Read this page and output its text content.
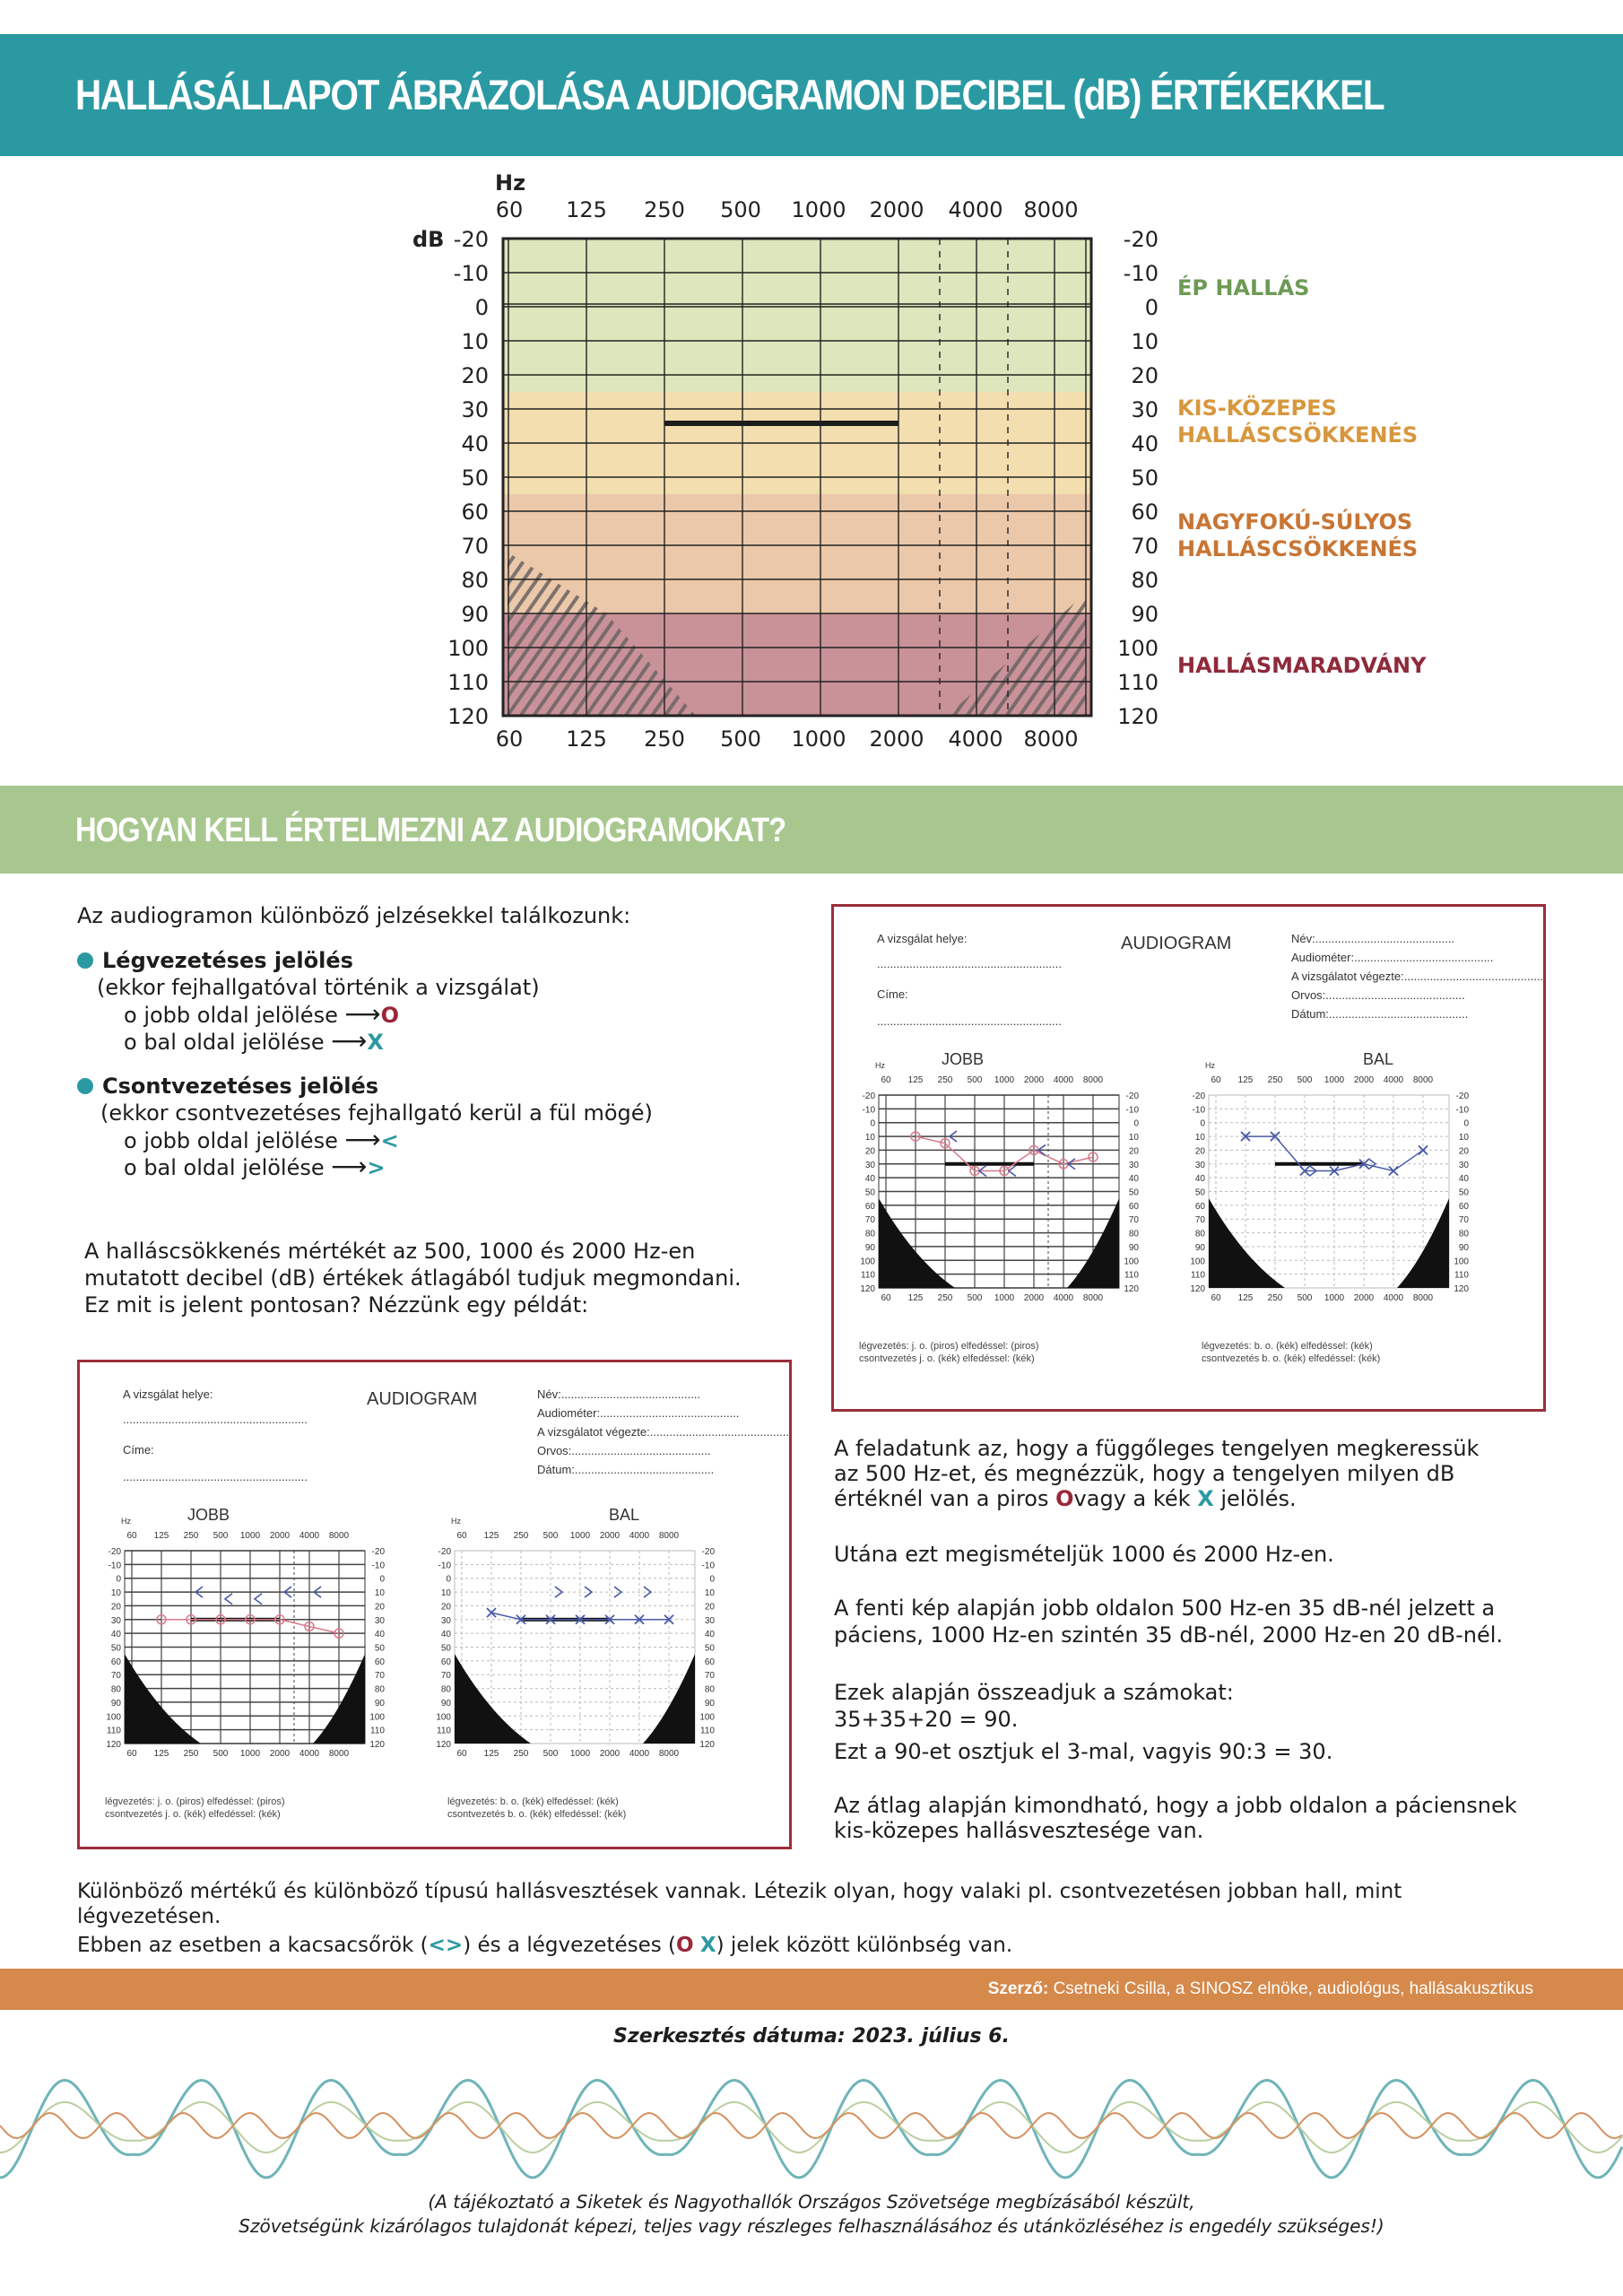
HALLÁSÁLLAPOT ÁBRÁZOLÁSA AUDIOGRAMON DECIBEL (dB) ÉRTÉKEKKEL
Hz
60
60
125
125
250
250
500
500
1000
1000
2000
2000
4000
4000
8000
8000
dB -20	-20
-10	-10
0	0
10	10
20	20
30	30
40	40
50	50
60	60
70	70
80	80
90	90
100	100
110	110
120	120
ÉP HALLÁS
KIS-KÖZEPES HALLÁSCSÖKKENÉS
NAGYFOKÚ-SÚLYOS HALLÁSCSÖKKENÉS
HALLÁSMARADVÁNY
HOGYAN KELL ÉRTELMEZNI AZ AUDIOGRAMOKAT?
Az audiogramon különböző jelzésekkel találkozunk:
Légvezetéses jelölés
(ekkor fejhallgatóval történik a vizsgálat)
o jobb oldal jelölése ⟶O
o bal oldal jelölése ⟶X
Csontvezetéses jelölés
(ekkor csontvezetéses fejhallgató kerül a fül mögé)
o jobb oldal jelölése ⟶<
o bal oldal jelölése ⟶>
A halláscsökkenés mértékét az 500, 1000 és 2000 Hz-en
mutatott decibel (dB) értékek átlagából tudjuk megmondani.
Ez mit is jelent pontosan? Nézzünk egy példát:
A vizsgálat helye:
.........................................................
Címe:
.........................................................
AUDIOGRAM	Név:...........................................
Audiométer:...........................................
A vizsgálatot végezte:...........................................
Orvos:...........................................
Dátum:...........................................
JOBB	BAL
légvezetés: j. o. (piros) elfedéssel: (piros)
csontvezetés j. o. (kék) elfedéssel: (kék)
légvezetés: b. o. (kék) elfedéssel: (kék)
csontvezetés b. o. (kék) elfedéssel: (kék)
60
60
125
125
250
250
500
500
1000
1000
2000
2000
4000
4000
8000
8000
Hz
-20	-20
-10	-10
0	0
10	10
20	20
30	30
40	40
50	50
60	60
70	70
80	80
90	90
100	100
110	110
120	120
60
60
125
125
250
250
500
500
1000
1000
2000
2000
4000
4000
8000
8000
Hz
-20	-20
-10	-10
0	0
10	10
20	20
30	30
40	40
50	50
60	60
70	70
80	80
90	90
100	100
110	110
120	120
A vizsgálat helye:
.........................................................
Címe:
.........................................................
AUDIOGRAM	Név:...........................................
Audiométer:...........................................
A vizsgálatot végezte:...........................................
Orvos:...........................................
Dátum:...........................................
JOBB	BAL
légvezetés: j. o. (piros) elfedéssel: (piros)
csontvezetés j. o. (kék) elfedéssel: (kék)
légvezetés: b. o. (kék) elfedéssel: (kék)
csontvezetés b. o. (kék) elfedéssel: (kék)
60
60
125
125
250
250
500
500
1000
1000
2000
2000
4000
4000
8000
8000
Hz
-20	-20
-10	-10
0	0
10	10
20	20
30	30
40	40
50	50
60	60
70	70
80	80
90	90
100	100
110	110
120	120
60
60
125
125
250
250
500
500
1000
1000
2000
2000
4000
4000
8000
8000
Hz
-20	-20
-10	-10
0	0
10	10
20	20
30	30
40	40
50	50
60	60
70	70
80	80
90	90
100	100
110	110
120	120
A feladatunk az, hogy a függőleges tengelyen megkeressük
az 500 Hz-et, és megnézzük, hogy a tengelyen milyen dB
értéknél van a piros Ovagy a kék X jelölés.
Utána ezt megismételjük 1000 és 2000 Hz-en.
A fenti kép alapján jobb oldalon 500 Hz-en 35 dB-nél jelzett a
páciens, 1000 Hz-en szintén 35 dB-nél, 2000 Hz-en 20 dB-nél.
Ezek alapján összeadjuk a számokat:
35+35+20 = 90.
Ezt a 90-et osztjuk el 3-mal, vagyis 90:3 = 30.
Az átlag alapján kimondható, hogy a jobb oldalon a páciensnek
kis-közepes hallásvesztesége van.
Különböző mértékű és különböző típusú hallásvesztések vannak. Létezik olyan, hogy valaki pl. csontvezetésen jobban hall, mint
légvezetésen.
Ebben az esetben a kacsacsőrök (<>) és a légvezetéses (O X) jelek között különbség van.
Szerző: Csetneki Csilla, a SINOSZ elnöke, audiológus, hallásakusztikus
Szerkesztés dátuma: 2023. július 6.
(A tájékoztató a Siketek és Nagyothallók Országos Szövetsége megbízásából készült,
Szövetségünk kizárólagos tulajdonát képezi, teljes vagy részleges felhasználásához és utánközléséhez is engedély szükséges!)
